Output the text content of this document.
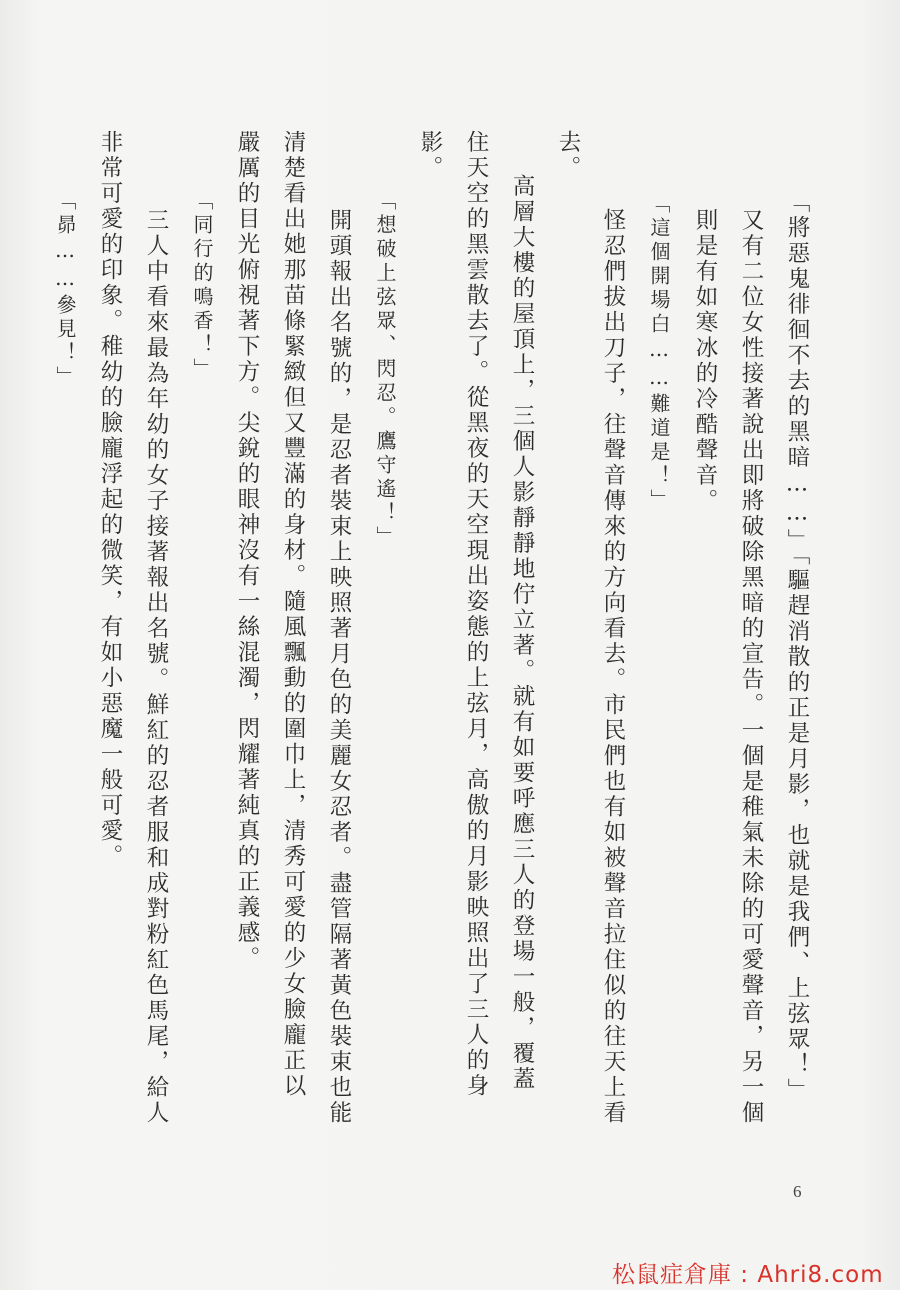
「將惡鬼徘徊不去的黑暗……」「驅趕消散的正是月影，也就是我們、上弦眾！」
又有二位女性接著說出即將破除黑暗的宣告。一個是稚氣未除的可愛聲音，另一個
則是有如寒冰的冷酷聲音。
「這個開場白……難道是！」
怪忍們拔出刀子，往聲音傳來的方向看去。市民們也有如被聲音拉住似的往天上看
去。
高層大樓的屋頂上，三個人影靜靜地佇立著。就有如要呼應三人的登場一般，覆蓋
住天空的黑雲散去了。從黑夜的天空現出姿態的上弦月，高傲的月影映照出了三人的身
影。
「想破上弦眾、閃忍。鷹守遙！」
開頭報出名號的，是忍者裝束上映照著月色的美麗女忍者。盡管隔著黃色裝束也能
清楚看出她那苗條緊緻但又豐滿的身材。隨風飄動的圍巾上，清秀可愛的少女臉龐正以
嚴厲的目光俯視著下方。尖銳的眼神沒有一絲混濁，閃耀著純真的正義感。
「同行的鳴香！」
三人中看來最為年幼的女子接著報出名號。鮮紅的忍者服和成對粉紅色馬尾，給人
非常可愛的印象。稚幼的臉龐浮起的微笑，有如小惡魔一般可愛。
「昴……參見！」
6
松鼠症倉庫 : Ahri8.com
